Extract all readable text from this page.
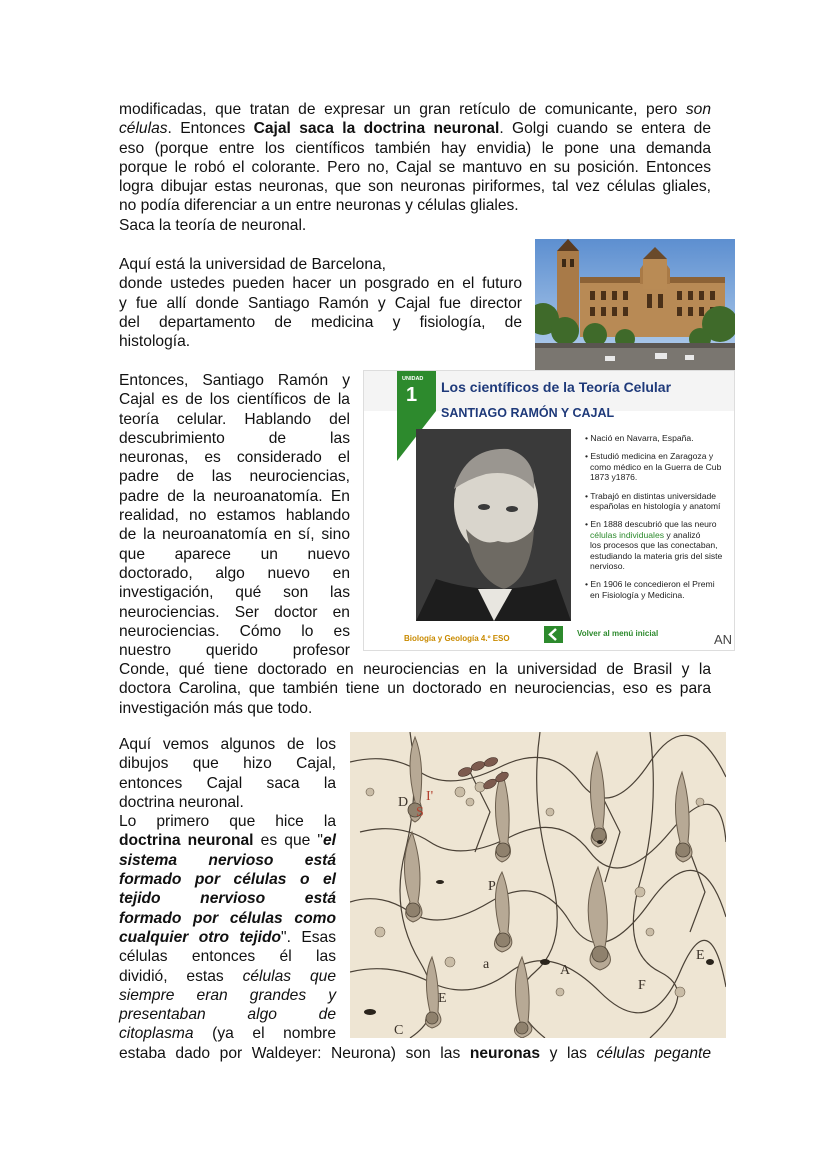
modificadas, que tratan de expresar un gran retículo de comunicante, pero son
células. Entonces Cajal saca la doctrina neuronal. Golgi cuando se entera de
eso (porque entre los científicos también hay envidia) le pone una demanda
porque le robó el colorante. Pero no, Cajal se mantuvo en su posición. Entonces
logra dibujar estas neuronas, que son neuronas piriformes, tal vez células gliales,
no podía diferenciar a un entre neuronas y células gliales.
Saca la teoría de neuronal.
Aquí está la universidad de Barcelona,
donde ustedes pueden hacer un posgrado en el futuro
y fue allí donde Santiago Ramón y Cajal fue director
del departamento de medicina y fisiología, de
histología.
Entonces, Santiago Ramón y
Cajal es de los científicos de la
teoría celular. Hablando del
descubrimiento de las
neuronas, es considerado el
padre de las neurociencias,
padre de la neuroanatomía. En
realidad, no estamos hablando
de la neuroanatomía en sí, sino
que aparece un nuevo
doctorado, algo nuevo en
investigación, qué son las
neurociencias. Ser doctor en
neurociencias. Cómo lo es
nuestro querido profesor
Conde, qué tiene doctorado en neurociencias en la universidad de Brasil y la
doctora Carolina, que también tiene un doctorado en neurociencias, eso es para
investigación más que todo.
UNIDAD
1 Los científicos de la Teoría Celular
SANTIAGO RAMÓN Y CAJAL
• Nació en Navarra, España.
• Estudió medicina en Zaragoza y
como médico en la Guerra de Cub
1873 y1876.
• Trabajó en distintas universidade
españolas en histología y anatomí
• En 1888 descubrió que las neuro
células individuales y analizó
los procesos que las conectaban,
estudiando la materia gris del siste
nervioso.
• En 1906 le concedieron el Premi
en Fisiología y Medicina.
Biología y Geología 4.º ESO
Volver al menú inicial	AN
Aquí vemos algunos de los
dibujos que hizo Cajal,
entonces Cajal saca la
doctrina neuronal.
Lo primero que hice la
doctrina neuronal es que "el
sistema nervioso está
formado por células o el
tejido nervioso está
formado por células como
cualquier otro tejido". Esas
células entonces él las
dividió, estas células que
siempre eran grandes y
presentaban algo de
citoplasma (ya el nombre
estaba dado por Waldeyer: Neurona) son las neuronas y las células pegante
D
S
I'
P
a	A
E
E
F
C
